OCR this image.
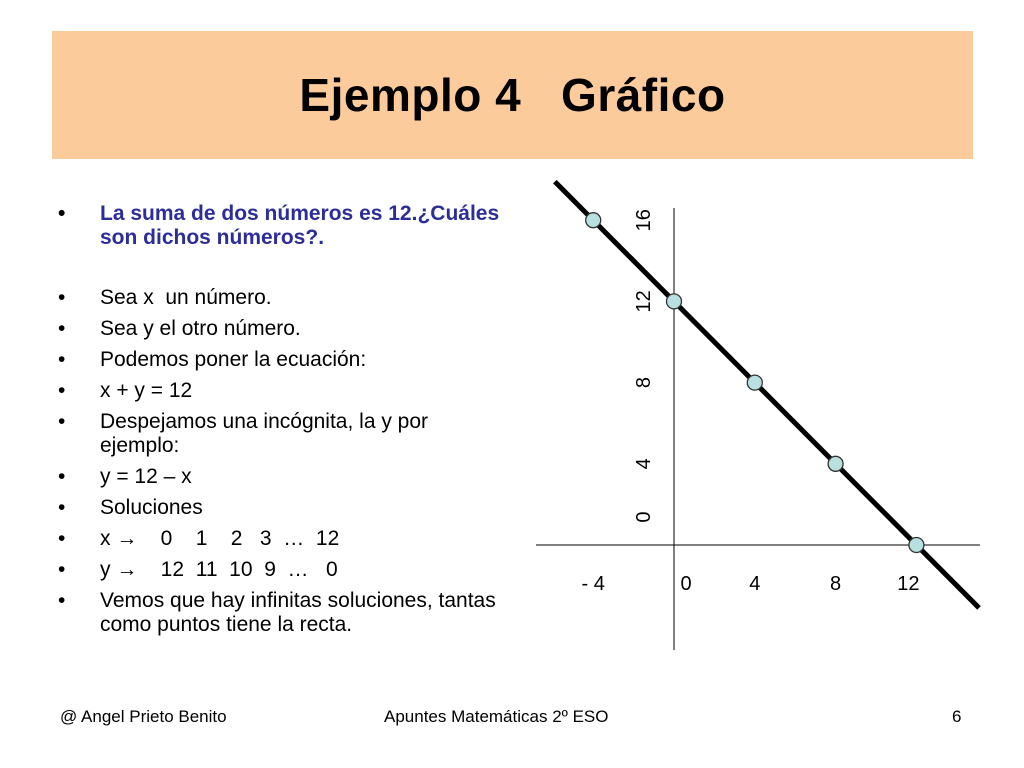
Ejemplo 4   Gráfico
• La suma de dos números es 12.¿Cuáles son dichos números?.
• Sea x  un número.
• Sea y el otro número.
• Podemos poner la ecuación:
• x + y = 12
• Despejamos una incógnita, la y por ejemplo:
• y = 12 – x
• Soluciones
• x →    0    1    2   3  …  12
• y →    12  11  10  9  …   0
• Vemos que hay infinitas soluciones, tantas como puntos tiene la recta.
- 4	0	4	8	12
0
4
8
12
16
@ Angel Prieto Benito	Apuntes Matemáticas 2º ESO	6
